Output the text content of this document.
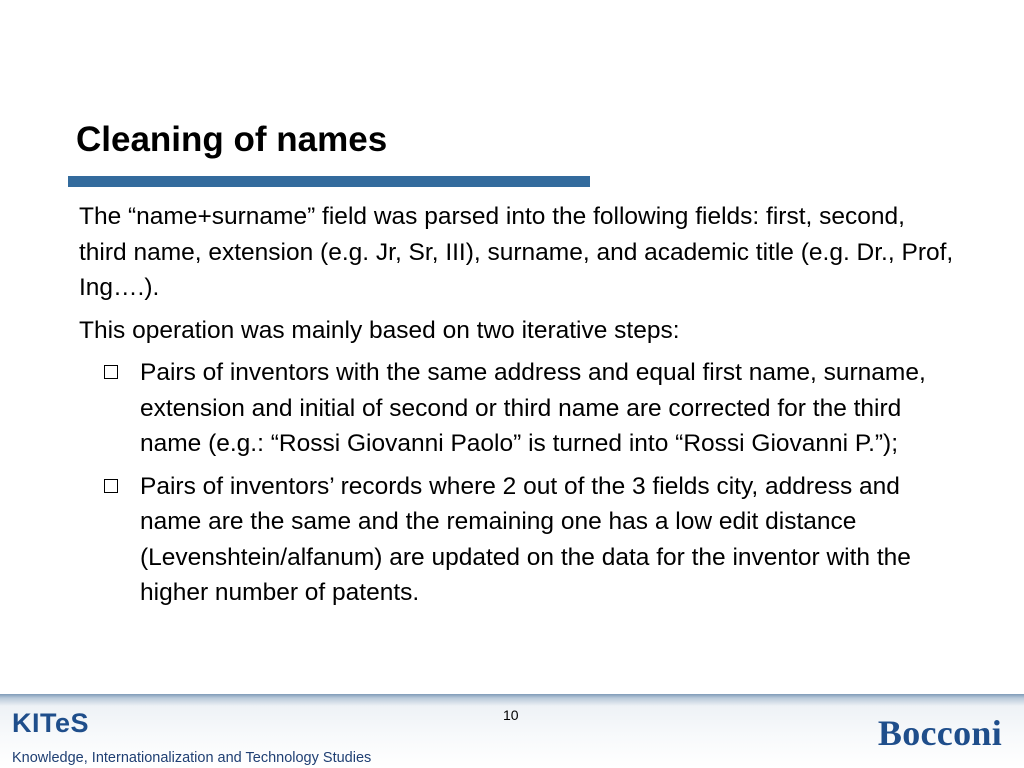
Cleaning of names

The “name+surname” field was parsed into the following fields: first, second, third name, extension (e.g. Jr, Sr, III), surname, and academic title (e.g. Dr., Prof, Ing….).

This operation was mainly based on two iterative steps:

Pairs of inventors with the same address and equal first name, surname, extension and initial of second or third name are corrected for the third name (e.g.: “Rossi Giovanni Paolo” is turned into “Rossi Giovanni P.”);
Pairs of inventors’ records where 2 out of the 3 fields city, address and name are the same and the remaining one has a low edit distance (Levenshtein/alfanum) are updated on the data for the inventor with the higher number of patents.
KITeS
Knowledge, Internationalization and Technology Studies
10	Bocconi
